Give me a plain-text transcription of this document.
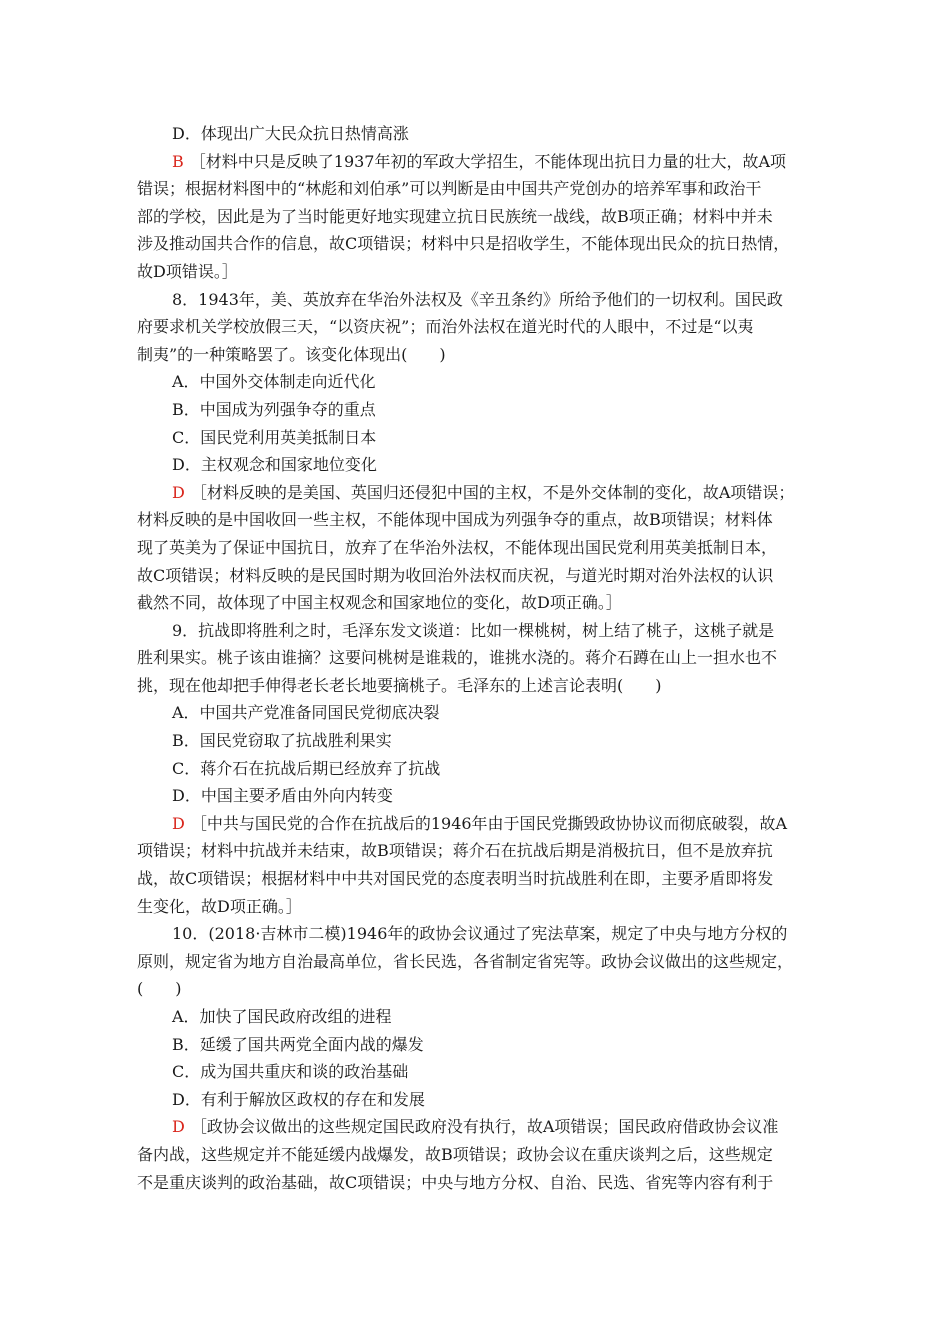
D．体现出广大民众抗日热情高涨
B ［材料中只是反映了1937年初的军政大学招生，不能体现出抗日力量的壮大，故A项
错误；根据材料图中的“林彪和刘伯承”可以判断是由中国共产党创办的培养军事和政治干
部的学校，因此是为了当时能更好地实现建立抗日民族统一战线，故B项正确；材料中并未
涉及推动国共合作的信息，故C项错误；材料中只是招收学生，不能体现出民众的抗日热情，
故D项错误。］
8．1943年，美、英放弃在华治外法权及《辛丑条约》所给予他们的一切权利。国民政
府要求机关学校放假三天，“以资庆祝”；而治外法权在道光时代的人眼中，不过是“以夷
制夷”的一种策略罢了。该变化体现出(　　)
A．中国外交体制走向近代化
B．中国成为列强争夺的重点
C．国民党利用英美抵制日本
D．主权观念和国家地位变化
D ［材料反映的是美国、英国归还侵犯中国的主权，不是外交体制的变化，故A项错误；
材料反映的是中国收回一些主权，不能体现中国成为列强争夺的重点，故B项错误；材料体
现了英美为了保证中国抗日，放弃了在华治外法权，不能体现出国民党利用英美抵制日本，
故C项错误；材料反映的是民国时期为收回治外法权而庆祝，与道光时期对治外法权的认识
截然不同，故体现了中国主权观念和国家地位的变化，故D项正确。］
9．抗战即将胜利之时，毛泽东发文谈道：比如一棵桃树，树上结了桃子，这桃子就是
胜利果实。桃子该由谁摘？这要问桃树是谁栽的，谁挑水浇的。蒋介石蹲在山上一担水也不
挑，现在他却把手伸得老长老长地要摘桃子。毛泽东的上述言论表明(　　)
A．中国共产党准备同国民党彻底决裂
B．国民党窃取了抗战胜利果实
C．蒋介石在抗战后期已经放弃了抗战
D．中国主要矛盾由外向内转变
D ［中共与国民党的合作在抗战后的1946年由于国民党撕毁政协协议而彻底破裂，故A
项错误；材料中抗战并未结束，故B项错误；蒋介石在抗战后期是消极抗日，但不是放弃抗
战，故C项错误；根据材料中中共对国民党的态度表明当时抗战胜利在即，主要矛盾即将发
生变化，故D项正确。］
10．(2018·吉林市二模)1946年的政协会议通过了宪法草案，规定了中央与地方分权的
原则，规定省为地方自治最高单位，省长民选，各省制定省宪等。政协会议做出的这些规定，
(　　)
A．加快了国民政府改组的进程
B．延缓了国共两党全面内战的爆发
C．成为国共重庆和谈的政治基础
D．有利于解放区政权的存在和发展
D ［政协会议做出的这些规定国民政府没有执行，故A项错误；国民政府借政协会议准
备内战，这些规定并不能延缓内战爆发，故B项错误；政协会议在重庆谈判之后，这些规定
不是重庆谈判的政治基础，故C项错误；中央与地方分权、自治、民选、省宪等内容有利于
